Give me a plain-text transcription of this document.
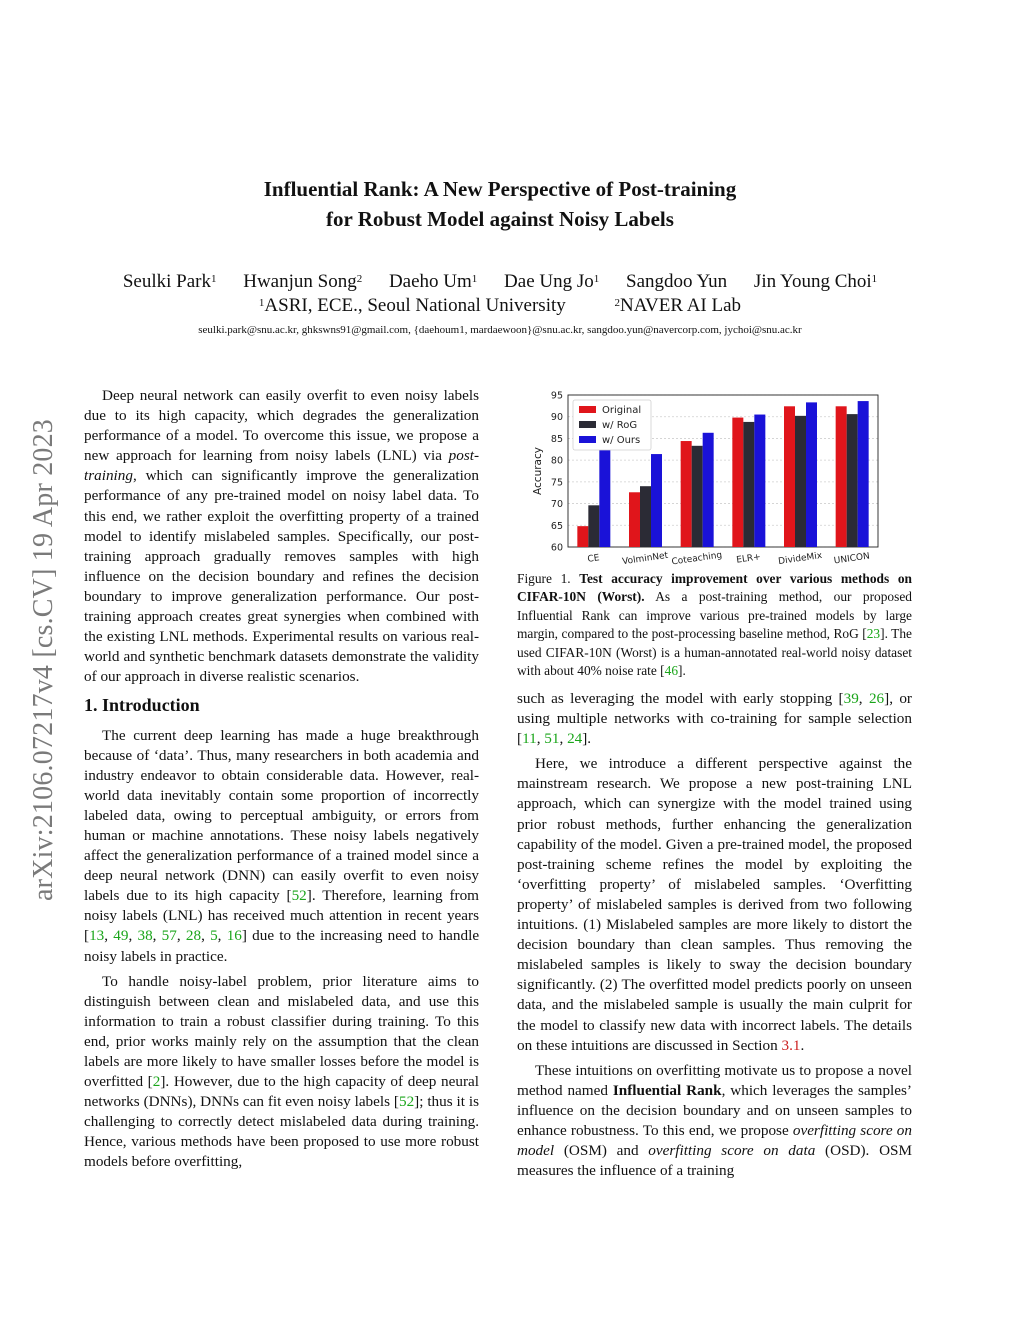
arXiv:2106.07217v4 [cs.CV] 19 Apr 2023
Influential Rank: A New Perspective of Post-training
for Robust Model against Noisy Labels
Seulki Park$^1$ Hwanjun Song$^2$ Daeho Um$^1$ Dae Ung Jo$^1$ Sangdoo Yun Jin Young Choi$^1$
$^1$ASRI, ECE., Seoul National University	$^2$NAVER AI Lab
seulki.park@snu.ac.kr, ghkswns91@gmail.com, {daehoum1, mardaewoon}@snu.ac.kr, sangdoo.yun@navercorp.com, jychoi@snu.ac.kr

Deep neural network can easily overfit to even noisy labels due to its high capacity, which degrades the generalization performance of a model. To overcome this issue, we propose a new approach for learning from noisy labels (LNL) via post-training, which can significantly improve the generalization performance of any pre-trained model on noisy label data. To this end, we rather exploit the overfitting property of a trained model to identify mislabeled samples. Specifically, our post-training approach gradually removes samples with high influence on the decision boundary and refines the decision boundary to improve generalization performance. Our post-training approach creates great synergies when combined with the existing LNL methods. Experimental results on various real-world and synthetic benchmark datasets demonstrate the validity of our approach in diverse realistic scenarios.

1. Introduction

The current deep learning has made a huge breakthrough because of ‘data’. Thus, many researchers in both academia and industry endeavor to obtain considerable data. However, real-world data inevitably contain some proportion of incorrectly labeled data, owing to perceptual ambiguity, or errors from human or machine annotations. These noisy labels negatively affect the generalization performance of a trained model since a deep neural network (DNN) can easily overfit to even noisy labels due to its high capacity [52]. Therefore, learning from noisy labels (LNL) has received much attention in recent years [13, 49, 38, 57, 28, 5, 16] due to the increasing need to handle noisy labels in practice.

To handle noisy-label problem, prior literature aims to distinguish between clean and mislabeled data, and use this information to train a robust classifier during training. To this end, prior works mainly rely on the assumption that the clean labels are more likely to have smaller losses before the model is overfitted [2]. However, due to the high capacity of deep neural networks (DNNs), DNNs can fit even noisy labels [52]; thus it is challenging to correctly detect mislabeled data during training. Hence, various methods have been proposed to use more robust models before overfitting,

60
65
70
75
80
85
90
95
Accuracy
CE VolminNet Coteaching ELR+ DivideMix UNICON
Original
w/ RoG
w/ Ours
Figure 1. Test accuracy improvement over various methods on CIFAR-10N (Worst). As a post-training method, our proposed Influential Rank can improve various pre-trained models by large margin, compared to the post-processing baseline method, RoG [23]. The used CIFAR-10N (Worst) is a human-annotated real-world noisy dataset with about 40% noise rate [46].

such as leveraging the model with early stopping [39, 26], or using multiple networks with co-training for sample selection [11, 51, 24].

Here, we introduce a different perspective against the mainstream research. We propose a new post-training LNL approach, which can synergize with the model trained using prior robust methods, further enhancing the generalization capability of the model. Given a pre-trained model, the proposed post-training scheme refines the model by exploiting the ‘overfitting property’ of mislabeled samples. ‘Overfitting property’ of mislabeled samples is derived from two following intuitions. (1) Mislabeled samples are more likely to distort the decision boundary than clean samples. Thus removing the mislabeled samples is likely to sway the decision boundary significantly. (2) The overfitted model predicts poorly on unseen data, and the mislabeled sample is usually the main culprit for the model to classify new data with incorrect labels. The details on these intuitions are discussed in Section 3.1.

These intuitions on overfitting motivate us to propose a novel method named Influential Rank, which leverages the samples’ influence on the decision boundary and on unseen samples to enhance robustness. To this end, we propose overfitting score on model (OSM) and overfitting score on data (OSD). OSM measures the influence of a training
